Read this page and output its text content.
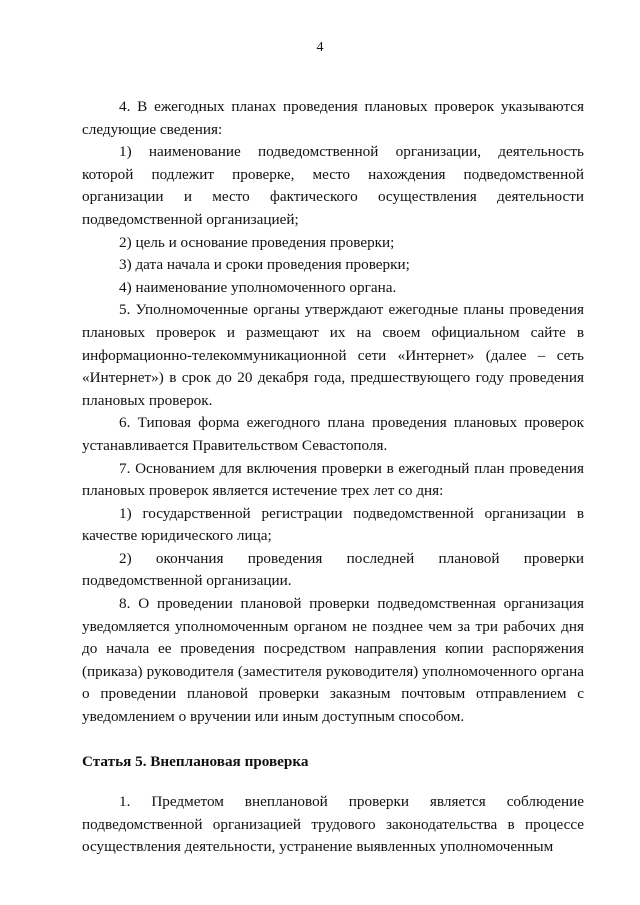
4

4. В ежегодных планах проведения плановых проверок указываются следующие сведения:

1) наименование подведомственной организации, деятельность которой подлежит проверке, место нахождения подведомственной организации и место фактического осуществления деятельности подведомственной организацией;

2) цель и основание проведения проверки;

3) дата начала и сроки проведения проверки;

4) наименование уполномоченного органа.

5. Уполномоченные органы утверждают ежегодные планы проведения плановых проверок и размещают их на своем официальном сайте в информационно-телекоммуникационной сети «Интернет» (далее – сеть «Интернет») в срок до 20 декабря года, предшествующего году проведения плановых проверок.

6. Типовая форма ежегодного плана проведения плановых проверок устанавливается Правительством Севастополя.

7. Основанием для включения проверки в ежегодный план проведения плановых проверок является истечение трех лет со дня:

1) государственной регистрации подведомственной организации в качестве юридического лица;

2) окончания проведения последней плановой проверки подведомственной организации.

8. О проведении плановой проверки подведомственная организация уведомляется уполномоченным органом не позднее чем за три рабочих дня до начала ее проведения посредством направления копии распоряжения (приказа) руководителя (заместителя руководителя) уполномоченного органа о проведении плановой проверки заказным почтовым отправлением с уведомлением о вручении или иным доступным способом.

Статья 5. Внеплановая проверка

1. Предметом внеплановой проверки является соблюдение подведомственной организацией трудового законодательства в процессе осуществления деятельности, устранение выявленных уполномоченным
